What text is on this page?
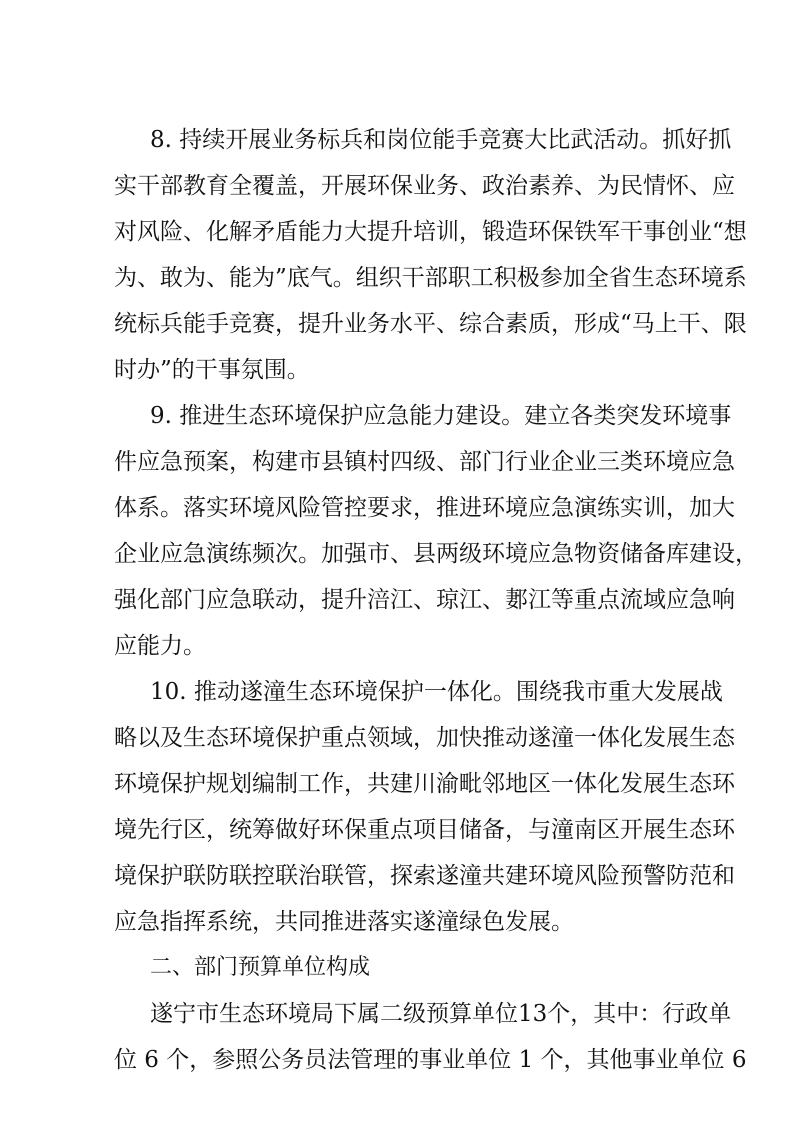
8. 持续开展业务标兵和岗位能手竞赛大比武活动。抓好抓
实干部教育全覆盖，开展环保业务、政治素养、为民情怀、应
对风险、化解矛盾能力大提升培训，锻造环保铁军干事创业“想
为、敢为、能为”底气。组织干部职工积极参加全省生态环境系
统标兵能手竞赛，提升业务水平、综合素质，形成“马上干、限
时办”的干事氛围。
9. 推进生态环境保护应急能力建设。建立各类突发环境事
件应急预案，构建市县镇村四级、部门行业企业三类环境应急
体系。落实环境风险管控要求，推进环境应急演练实训，加大
企业应急演练频次。加强市、县两级环境应急物资储备库建设，
强化部门应急联动，提升涪江、琼江、郪江等重点流域应急响
应能力。
10. 推动遂潼生态环境保护一体化。围绕我市重大发展战
略以及生态环境保护重点领域，加快推动遂潼一体化发展生态
环境保护规划编制工作，共建川渝毗邻地区一体化发展生态环
境先行区，统筹做好环保重点项目储备，与潼南区开展生态环
境保护联防联控联治联管，探索遂潼共建环境风险预警防范和
应急指挥系统，共同推进落实遂潼绿色发展。
二、部门预算单位构成
遂宁市生态环境局下属二级预算单位13个，其中：行政单
位 6 个，参照公务员法管理的事业单位 1 个，其他事业单位 6
